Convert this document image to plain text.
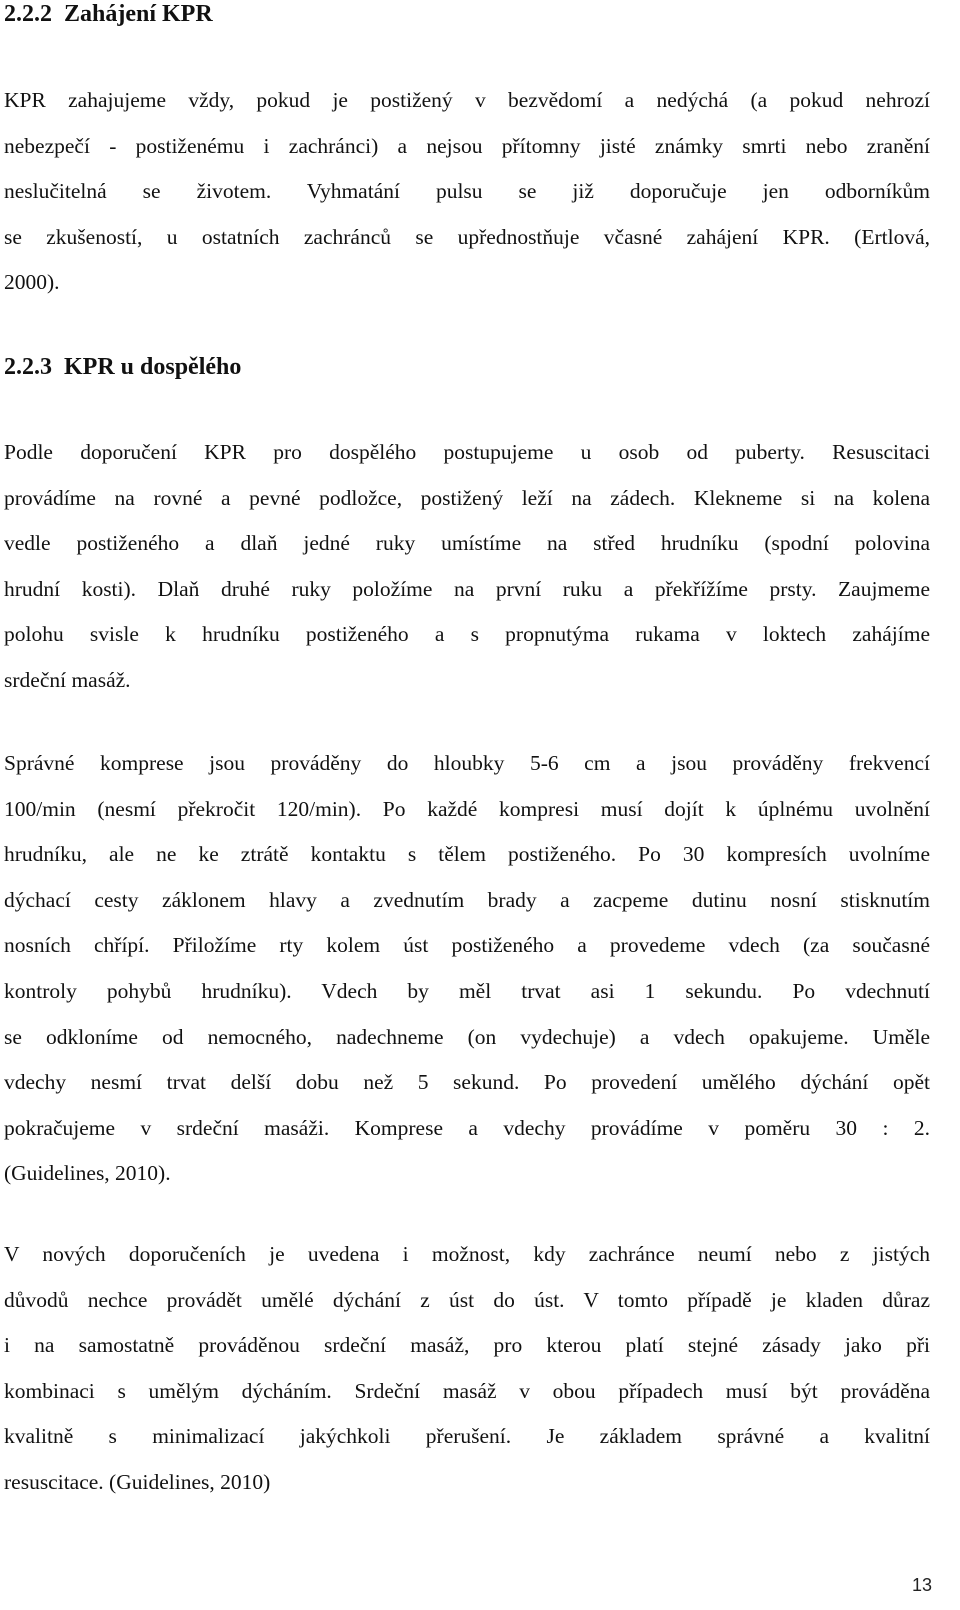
2.2.2 Zahájení KPR

KPR zahajujeme vždy, pokud je postižený v bezvědomí a nedýchá (a pokud nehrozí
nebezpečí - postiženému i zachránci) a nejsou přítomny jisté známky smrti nebo zranění
neslučitelná se životem. Vyhmatání pulsu se již doporučuje jen odborníkům
se zkušeností, u ostatních zachránců se upřednostňuje včasné zahájení KPR. (Ertlová,
2000).

2.2.3 KPR u dospělého

Podle doporučení KPR pro dospělého postupujeme u osob od puberty. Resuscitaci
provádíme na rovné a pevné podložce, postižený leží na zádech. Klekneme si na kolena
vedle postiženého a dlaň jedné ruky umístíme na střed hrudníku (spodní polovina
hrudní kosti). Dlaň druhé ruky položíme na první ruku a překřížíme prsty. Zaujmeme
polohu svisle k hrudníku postiženého a s propnutýma rukama v loktech zahájíme
srdeční masáž.

Správné komprese jsou prováděny do hloubky 5-6 cm a jsou prováděny frekvencí
100/min (nesmí překročit 120/min). Po každé kompresi musí dojít k úplnému uvolnění
hrudníku, ale ne ke ztrátě kontaktu s tělem postiženého. Po 30 kompresích uvolníme
dýchací cesty záklonem hlavy a zvednutím brady a zacpeme dutinu nosní stisknutím
nosních chřípí. Přiložíme rty kolem úst postiženého a provedeme vdech (za současné
kontroly pohybů hrudníku). Vdech by měl trvat asi 1 sekundu. Po vdechnutí
se odkloníme od nemocného, nadechneme (on vydechuje) a vdech opakujeme. Uměle
vdechy nesmí trvat delší dobu než 5 sekund. Po provedení umělého dýchání opět
pokračujeme v srdeční masáži. Komprese a vdechy provádíme v poměru 30 : 2.
(Guidelines, 2010).

V nových doporučeních je uvedena i možnost, kdy zachránce neumí nebo z jistých
důvodů nechce provádět umělé dýchání z úst do úst. V tomto případě je kladen důraz
i na samostatně prováděnou srdeční masáž, pro kterou platí stejné zásady jako při
kombinaci s umělým dýcháním. Srdeční masáž v obou případech musí být prováděna
kvalitně s minimalizací jakýchkoli přerušení. Je základem správné a kvalitní
resuscitace. (Guidelines, 2010)

13
